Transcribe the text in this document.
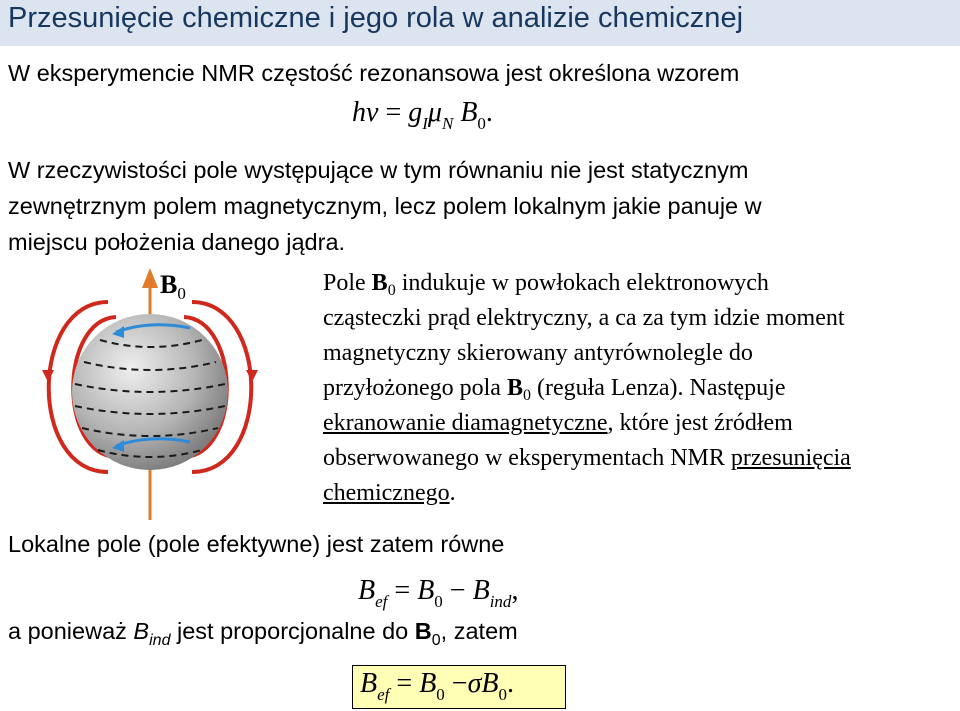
Przesunięcie chemiczne i jego rola w analizie chemicznej
W eksperymencie NMR częstość rezonansowa jest określona wzorem
$h\nu = g_I\mu_N$ $B_0$.
W rzeczywistości pole występujące w tym równaniu nie jest statycznym
zewnętrznym polem magnetycznym, lecz polem lokalnym jakie panuje w
miejscu położenia danego jądra.
$B_0$	Pole $B_0$ indukuje w powłokach elektronowych
cząsteczki prąd elektryczny, a ca za tym idzie moment
magnetyczny skierowany antyrównolegle do
przyłożonego pola $B_0$ (reguła Lenza). Następuje
ekranowanie diamagnetyczne, które jest źródłem
obserwowanego w eksperymentach NMR przesunięcia
chemicznego.
Lokalne pole (pole efektywne) jest zatem równe
$B_{ef} = B_0 - B_{ind}$,
a ponieważ $B_{ind}$ jest proporcjonalne do $B_0$, zatem
$B_{ef} = B_0 -\sigma B_0$.
